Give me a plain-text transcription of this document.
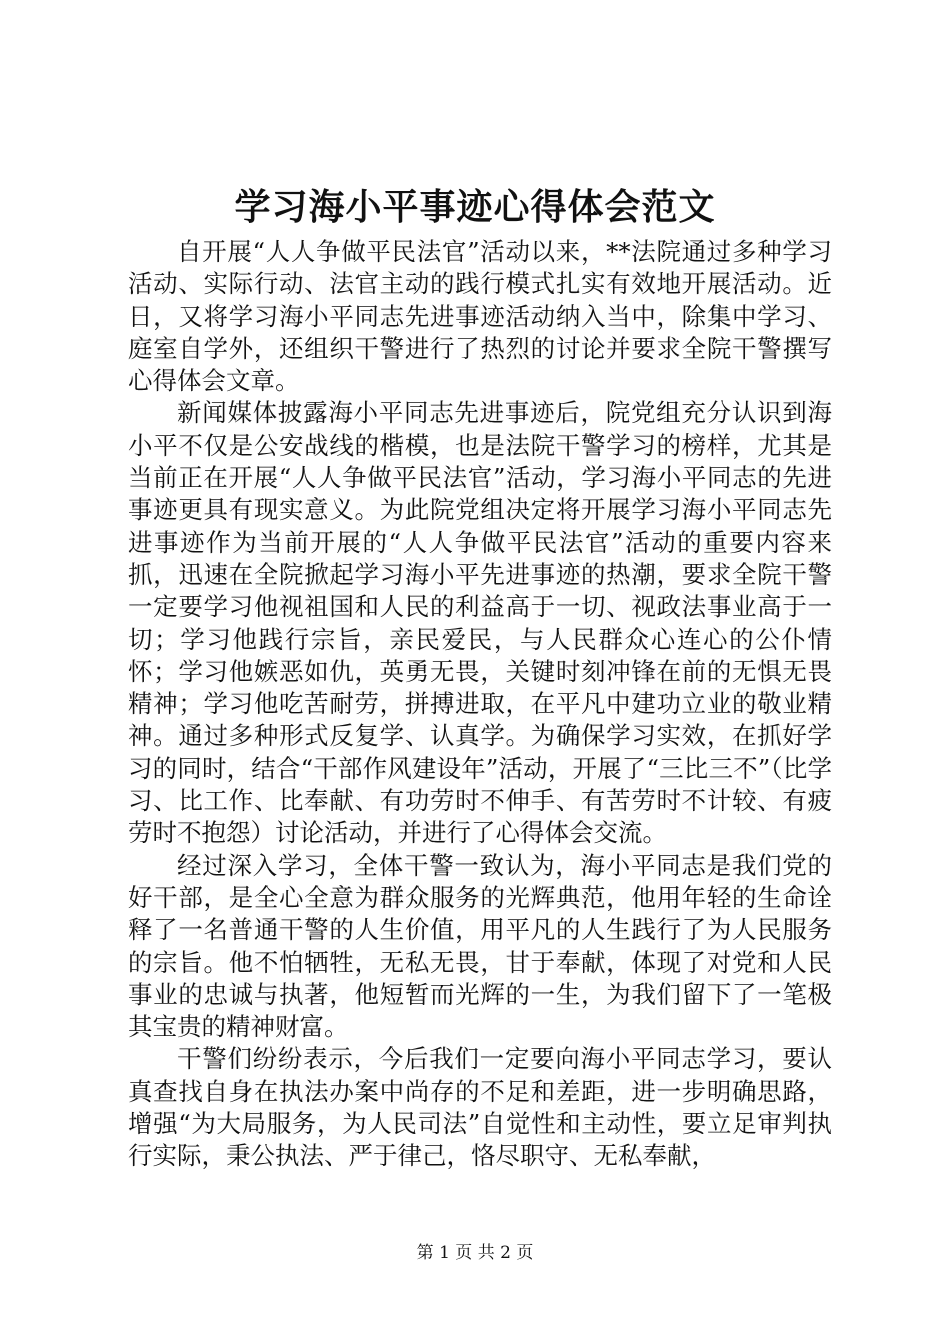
学习海小平事迹心得体会范文

自开展“人人争做平民法官”活动以来，**法院通过多种学习活动、实际行动、法官主动的践行模式扎实有效地开展活动。近日，又将学习海小平同志先进事迹活动纳入当中，除集中学习、庭室自学外，还组织干警进行了热烈的讨论并要求全院干警撰写心得体会文章。

新闻媒体披露海小平同志先进事迹后，院党组充分认识到海小平不仅是公安战线的楷模，也是法院干警学习的榜样，尤其是当前正在开展“人人争做平民法官”活动，学习海小平同志的先进事迹更具有现实意义。为此院党组决定将开展学习海小平同志先进事迹作为当前开展的“人人争做平民法官”活动的重要内容来抓，迅速在全院掀起学习海小平先进事迹的热潮，要求全院干警一定要学习他视祖国和人民的利益高于一切、视政法事业高于一切；学习他践行宗旨，亲民爱民，与人民群众心连心的公仆情怀；学习他嫉恶如仇，英勇无畏，关键时刻冲锋在前的无惧无畏精神；学习他吃苦耐劳，拼搏进取，在平凡中建功立业的敬业精神。通过多种形式反复学、认真学。为确保学习实效，在抓好学习的同时，结合“干部作风建设年”活动，开展了“三比三不”（比学习、比工作、比奉献、有功劳时不伸手、有苦劳时不计较、有疲劳时不抱怨）讨论活动，并进行了心得体会交流。

经过深入学习，全体干警一致认为，海小平同志是我们党的好干部，是全心全意为群众服务的光辉典范，他用年轻的生命诠释了一名普通干警的人生价值，用平凡的人生践行了为人民服务的宗旨。他不怕牺牲，无私无畏，甘于奉献，体现了对党和人民事业的忠诚与执著，他短暂而光辉的一生，为我们留下了一笔极其宝贵的精神财富。

干警们纷纷表示，今后我们一定要向海小平同志学习，要认真查找自身在执法办案中尚存的不足和差距，进一步明确思路，增强“为大局服务，为人民司法”自觉性和主动性，要立足审判执行实际，秉公执法、严于律己，恪尽职守、无私奉献，

第 1 页 共 2 页
